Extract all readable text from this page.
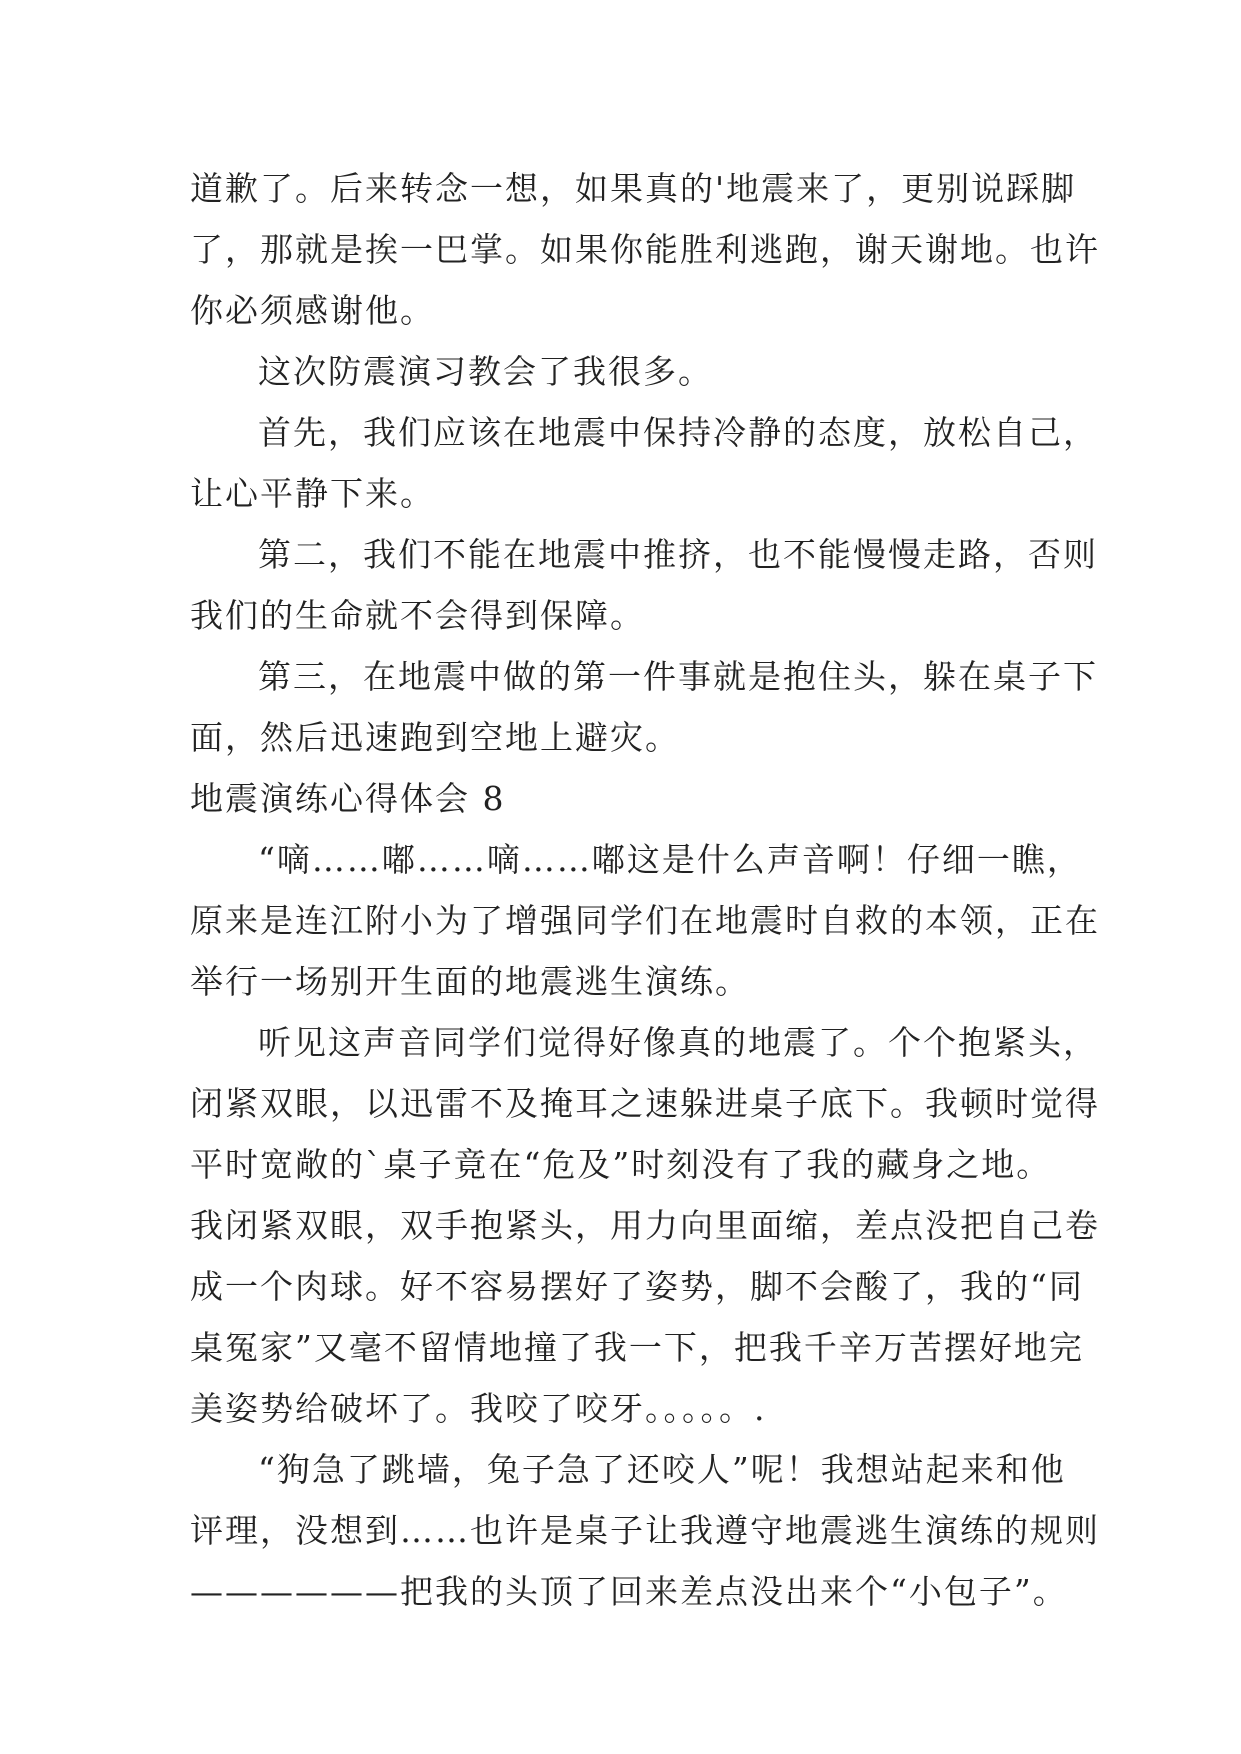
道歉了。后来转念一想，如果真的'地震来了，更别说踩脚
了，那就是挨一巴掌。如果你能胜利逃跑，谢天谢地。也许
你必须感谢他。
这次防震演习教会了我很多。
首先，我们应该在地震中保持冷静的态度，放松自己，
让心平静下来。
第二，我们不能在地震中推挤，也不能慢慢走路，否则
我们的生命就不会得到保障。
第三，在地震中做的第一件事就是抱住头，躲在桌子下
面，然后迅速跑到空地上避灾。
地震演练心得体会 8
“嘀……嘟……嘀……嘟这是什么声音啊！仔细一瞧，
原来是连江附小为了增强同学们在地震时自救的本领，正在
举行一场别开生面的地震逃生演练。
听见这声音同学们觉得好像真的地震了。个个抱紧头，
闭紧双眼，以迅雷不及掩耳之速躲进桌子底下。我顿时觉得
平时宽敞的`桌子竟在“危及”时刻没有了我的藏身之地。
我闭紧双眼，双手抱紧头，用力向里面缩，差点没把自己卷
成一个肉球。好不容易摆好了姿势，脚不会酸了，我的“同
桌冤家”又毫不留情地撞了我一下，把我千辛万苦摆好地完
美姿势给破坏了。我咬了咬牙。。。。。.
“狗急了跳墙，兔子急了还咬人”呢！我想站起来和他
评理，没想到……也许是桌子让我遵守地震逃生演练的规则
——————把我的头顶了回来差点没出来个“小包子”。
